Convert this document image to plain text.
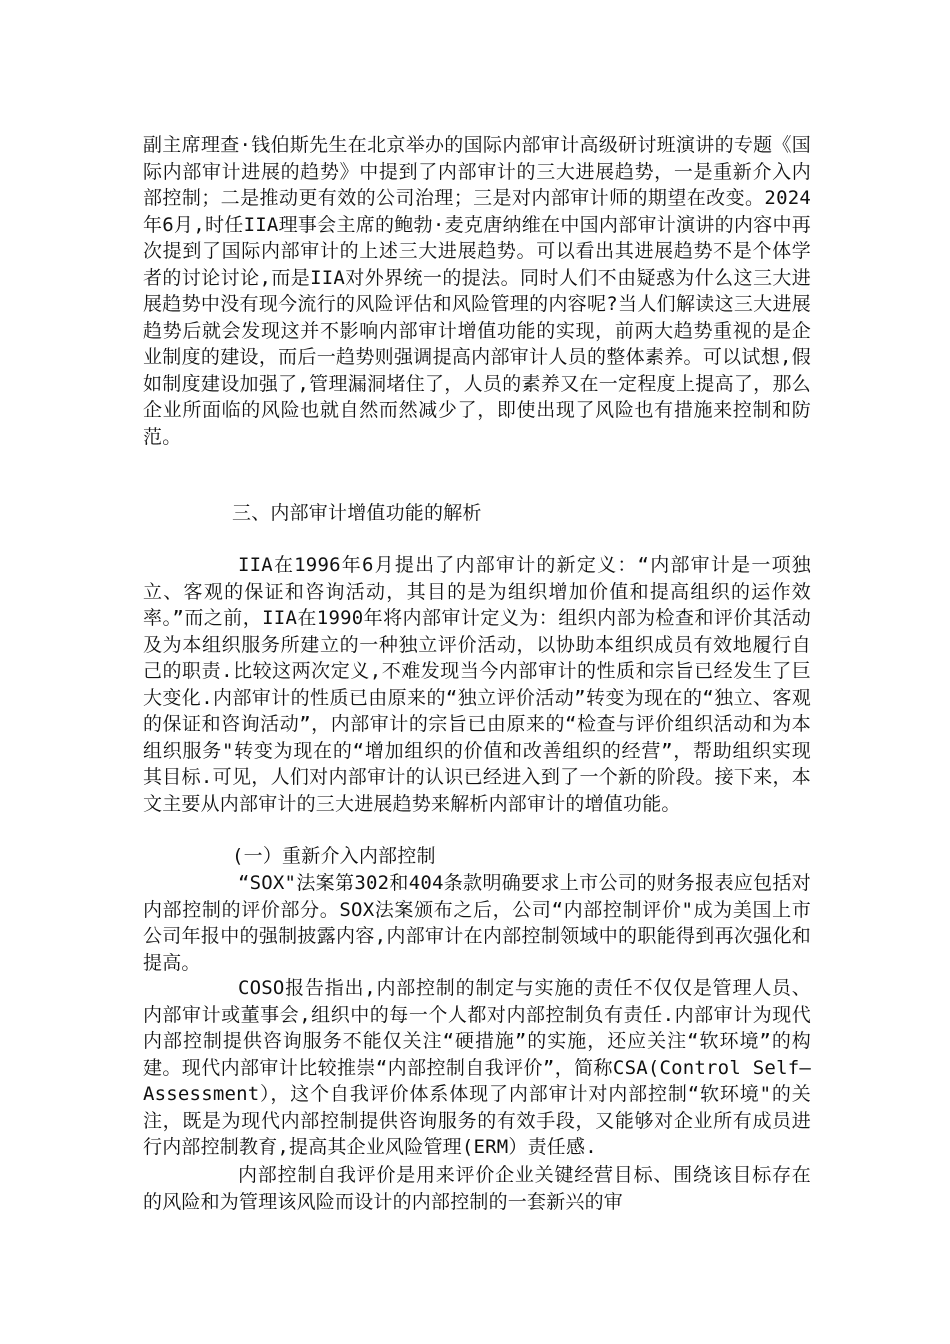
副主席理查·钱伯斯先生在北京举办的国际内部审计高级研讨班演讲的专题《国际内部审计进展的趋势》中提到了内部审计的三大进展趋势，一是重新介入内部控制；二是推动更有效的公司治理；三是对内部审计师的期望在改变。2024年6月,时任IIA理事会主席的鲍勃·麦克唐纳维在中国内部审计演讲的内容中再次提到了国际内部审计的上述三大进展趋势。可以看出其进展趋势不是个体学者的讨论讨论,而是IIA对外界统一的提法。同时人们不由疑惑为什么这三大进展趋势中没有现今流行的风险评估和风险管理的内容呢?当人们解读这三大进展趋势后就会发现这并不影响内部审计增值功能的实现，前两大趋势重视的是企业制度的建设，而后一趋势则强调提高内部审计人员的整体素养。可以试想,假如制度建设加强了,管理漏洞堵住了，人员的素养又在一定程度上提高了，那么企业所面临的风险也就自然而然减少了，即使出现了风险也有措施来控制和防范。
三、内部审计增值功能的解析
IIA在1996年6月提出了内部审计的新定义：“内部审计是一项独立、客观的保证和咨询活动，其目的是为组织增加价值和提高组织的运作效率。”而之前，IIA在1990年将内部审计定义为：组织内部为检查和评价其活动及为本组织服务所建立的一种独立评价活动，以协助本组织成员有效地履行自己的职责.比较这两次定义,不难发现当今内部审计的性质和宗旨已经发生了巨大变化.内部审计的性质已由原来的“独立评价活动”转变为现在的“独立、客观的保证和咨询活动”，内部审计的宗旨已由原来的“检查与评价组织活动和为本组织服务"转变为现在的“增加组织的价值和改善组织的经营”，帮助组织实现其目标.可见，人们对内部审计的认识已经进入到了一个新的阶段。接下来，本文主要从内部审计的三大进展趋势来解析内部审计的增值功能。
(一）重新介入内部控制
“SOX"法案第302和404条款明确要求上市公司的财务报表应包括对内部控制的评价部分。SOX法案颁布之后，公司“内部控制评价"成为美国上市公司年报中的强制披露内容,内部审计在内部控制领域中的职能得到再次强化和提高。
COSO报告指出,内部控制的制定与实施的责任不仅仅是管理人员、内部审计或董事会,组织中的每一个人都对内部控制负有责任.内部审计为现代内部控制提供咨询服务不能仅关注“硬措施”的实施，还应关注“软环境”的构建。现代内部审计比较推崇“内部控制自我评价”，简称CSA(Control Self—Assessment），这个自我评价体系体现了内部审计对内部控制“软环境"的关注，既是为现代内部控制提供咨询服务的有效手段，又能够对企业所有成员进行内部控制教育,提高其企业风险管理(ERM）责任感.
内部控制自我评价是用来评价企业关键经营目标、围绕该目标存在的风险和为管理该风险而设计的内部控制的一套新兴的审
